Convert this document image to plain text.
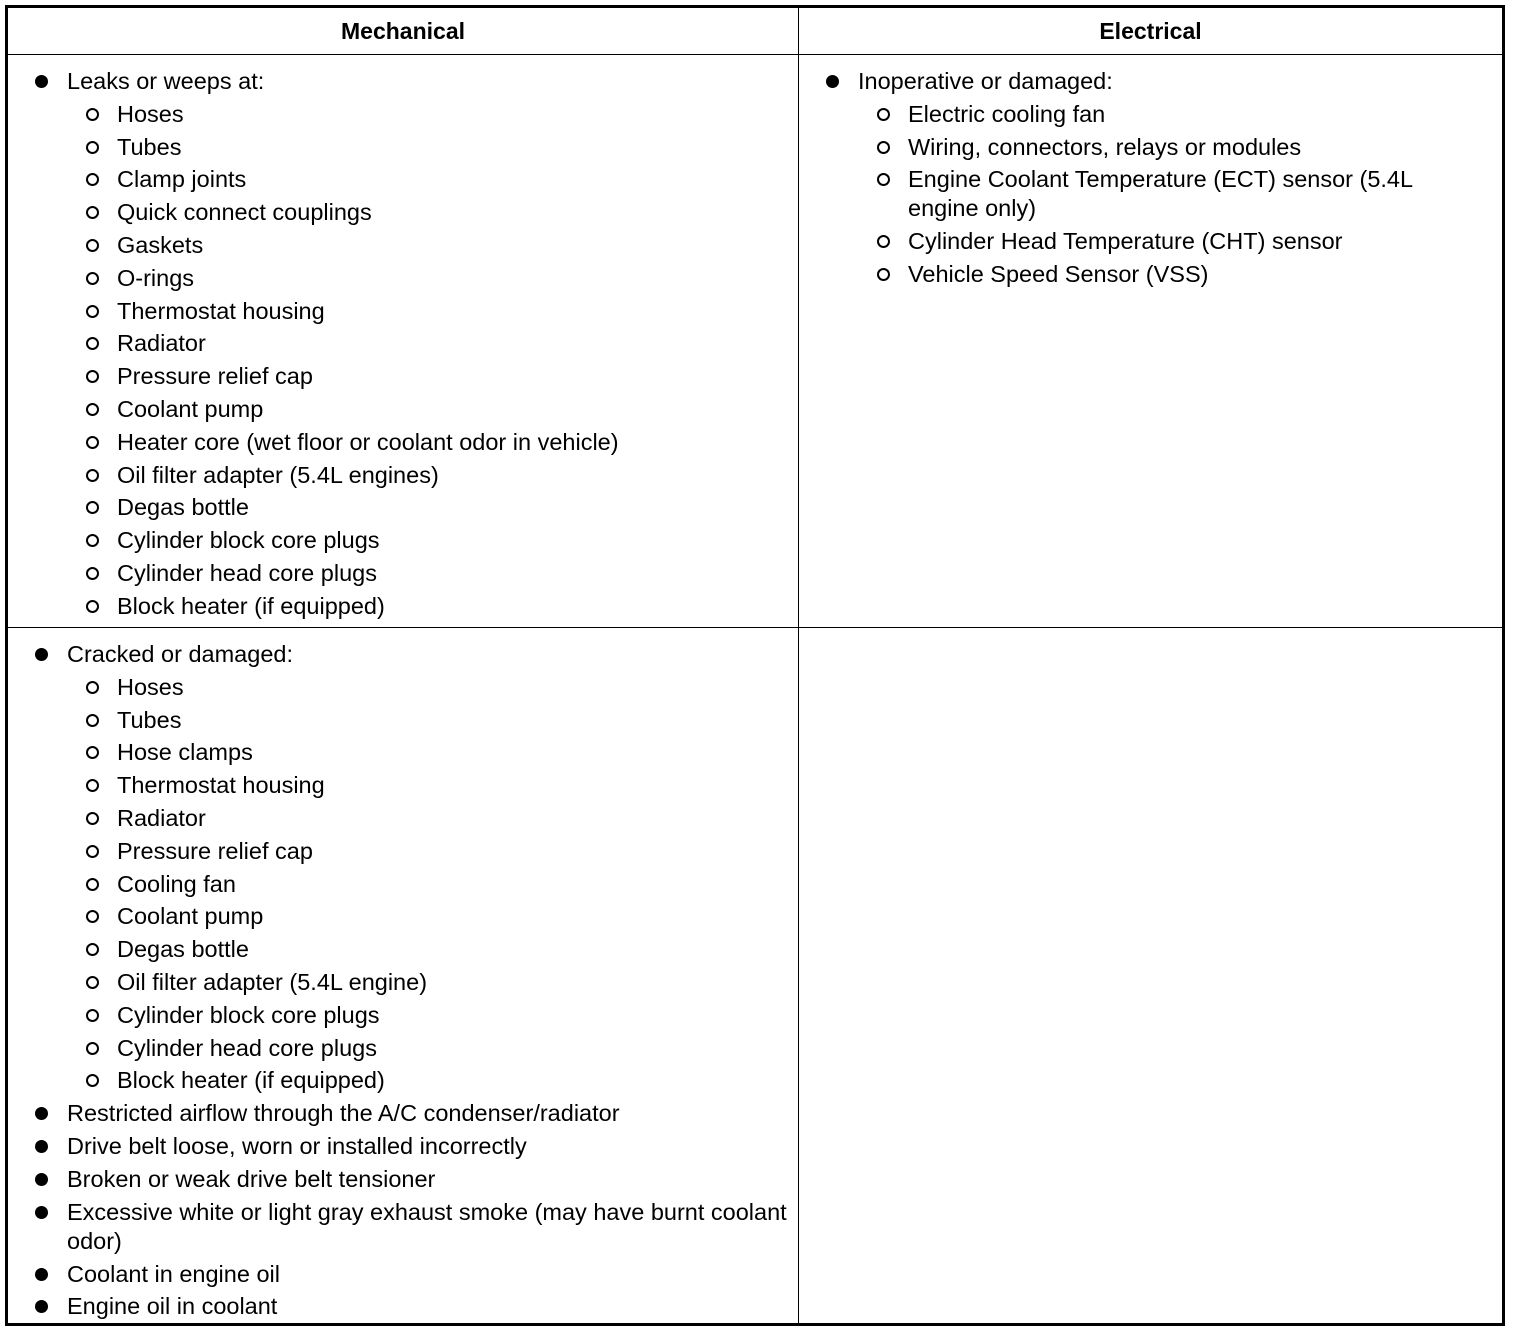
Mechanical	Electrical
Leaks or weeps at:
Hoses
Tubes
Clamp joints
Quick connect couplings
Gaskets
O-rings
Thermostat housing
Radiator
Pressure relief cap
Coolant pump
Heater core (wet floor or coolant odor in vehicle)
Oil filter adapter (5.4L engines)
Degas bottle
Cylinder block core plugs
Cylinder head core plugs
Block heater (if equipped)
Inoperative or damaged:
Electric cooling fan
Wiring, connectors, relays or modules
Engine Coolant Temperature (ECT) sensor (5.4L engine only)
Cylinder Head Temperature (CHT) sensor
Vehicle Speed Sensor (VSS)
Cracked or damaged:
Hoses
Tubes
Hose clamps
Thermostat housing
Radiator
Pressure relief cap
Cooling fan
Coolant pump
Degas bottle
Oil filter adapter (5.4L engine)
Cylinder block core plugs
Cylinder head core plugs
Block heater (if equipped)
Restricted airflow through the A/C condenser/radiator
Drive belt loose, worn or installed incorrectly
Broken or weak drive belt tensioner
Excessive white or light gray exhaust smoke (may have burnt coolant odor)
Coolant in engine oil
Engine oil in coolant
